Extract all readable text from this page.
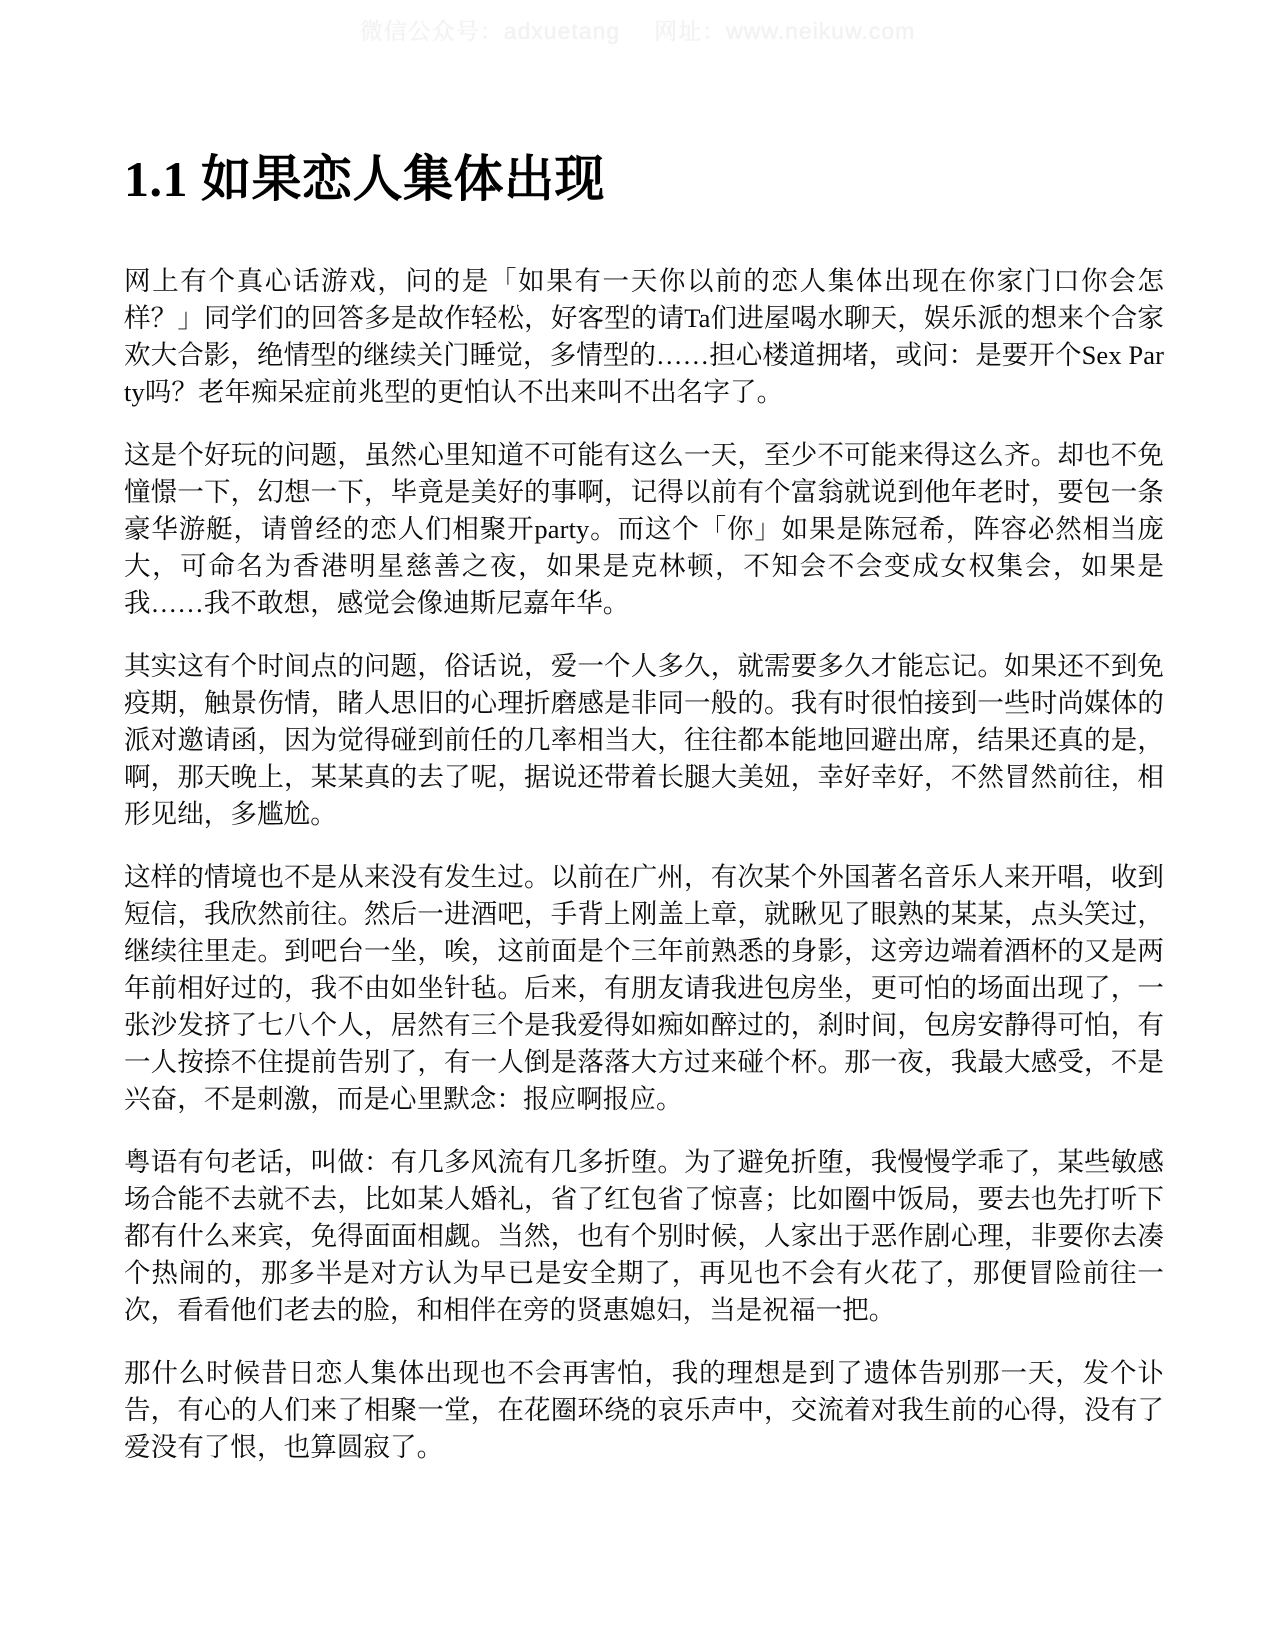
微信公众号：adxuetang 网址：www.neikuw.com
1.1 如果恋人集体出现

网上有个真心话游戏，问的是「如果有一天你以前的恋人集体出现在你家门口你会怎样？」同学们的回答多是故作轻松，好客型的请Ta们进屋喝水聊天，娱乐派的想来个合家欢大合影，绝情型的继续关门睡觉，多情型的……担心楼道拥堵，或问：是要开个Sex Party吗？老年痴呆症前兆型的更怕认不出来叫不出名字了。

这是个好玩的问题，虽然心里知道不可能有这么一天，至少不可能来得这么齐。却也不免憧憬一下，幻想一下，毕竟是美好的事啊，记得以前有个富翁就说到他年老时，要包一条豪华游艇，请曾经的恋人们相聚开party。而这个「你」如果是陈冠希，阵容必然相当庞大，可命名为香港明星慈善之夜，如果是克林顿，不知会不会变成女权集会，如果是我……我不敢想，感觉会像迪斯尼嘉年华。

其实这有个时间点的问题，俗话说，爱一个人多久，就需要多久才能忘记。如果还不到免疫期，触景伤情，睹人思旧的心理折磨感是非同一般的。我有时很怕接到一些时尚媒体的派对邀请函，因为觉得碰到前任的几率相当大，往往都本能地回避出席，结果还真的是，啊，那天晚上，某某真的去了呢，据说还带着长腿大美妞，幸好幸好，不然冒然前往，相形见绌，多尴尬。

这样的情境也不是从来没有发生过。以前在广州，有次某个外国著名音乐人来开唱，收到短信，我欣然前往。然后一进酒吧，手背上刚盖上章，就瞅见了眼熟的某某，点头笑过，继续往里走。到吧台一坐，唉，这前面是个三年前熟悉的身影，这旁边端着酒杯的又是两年前相好过的，我不由如坐针毡。后来，有朋友请我进包房坐，更可怕的场面出现了，一张沙发挤了七八个人，居然有三个是我爱得如痴如醉过的，刹时间，包房安静得可怕，有一人按捺不住提前告别了，有一人倒是落落大方过来碰个杯。那一夜，我最大感受，不是兴奋，不是刺激，而是心里默念：报应啊报应。

粤语有句老话，叫做：有几多风流有几多折堕。为了避免折堕，我慢慢学乖了，某些敏感场合能不去就不去，比如某人婚礼，省了红包省了惊喜；比如圈中饭局，要去也先打听下都有什么来宾，免得面面相觑。当然，也有个别时候，人家出于恶作剧心理，非要你去凑个热闹的，那多半是对方认为早已是安全期了，再见也不会有火花了，那便冒险前往一次，看看他们老去的脸，和相伴在旁的贤惠媳妇，当是祝福一把。

那什么时候昔日恋人集体出现也不会再害怕，我的理想是到了遗体告别那一天，发个讣告，有心的人们来了相聚一堂，在花圈环绕的哀乐声中，交流着对我生前的心得，没有了爱没有了恨，也算圆寂了。
